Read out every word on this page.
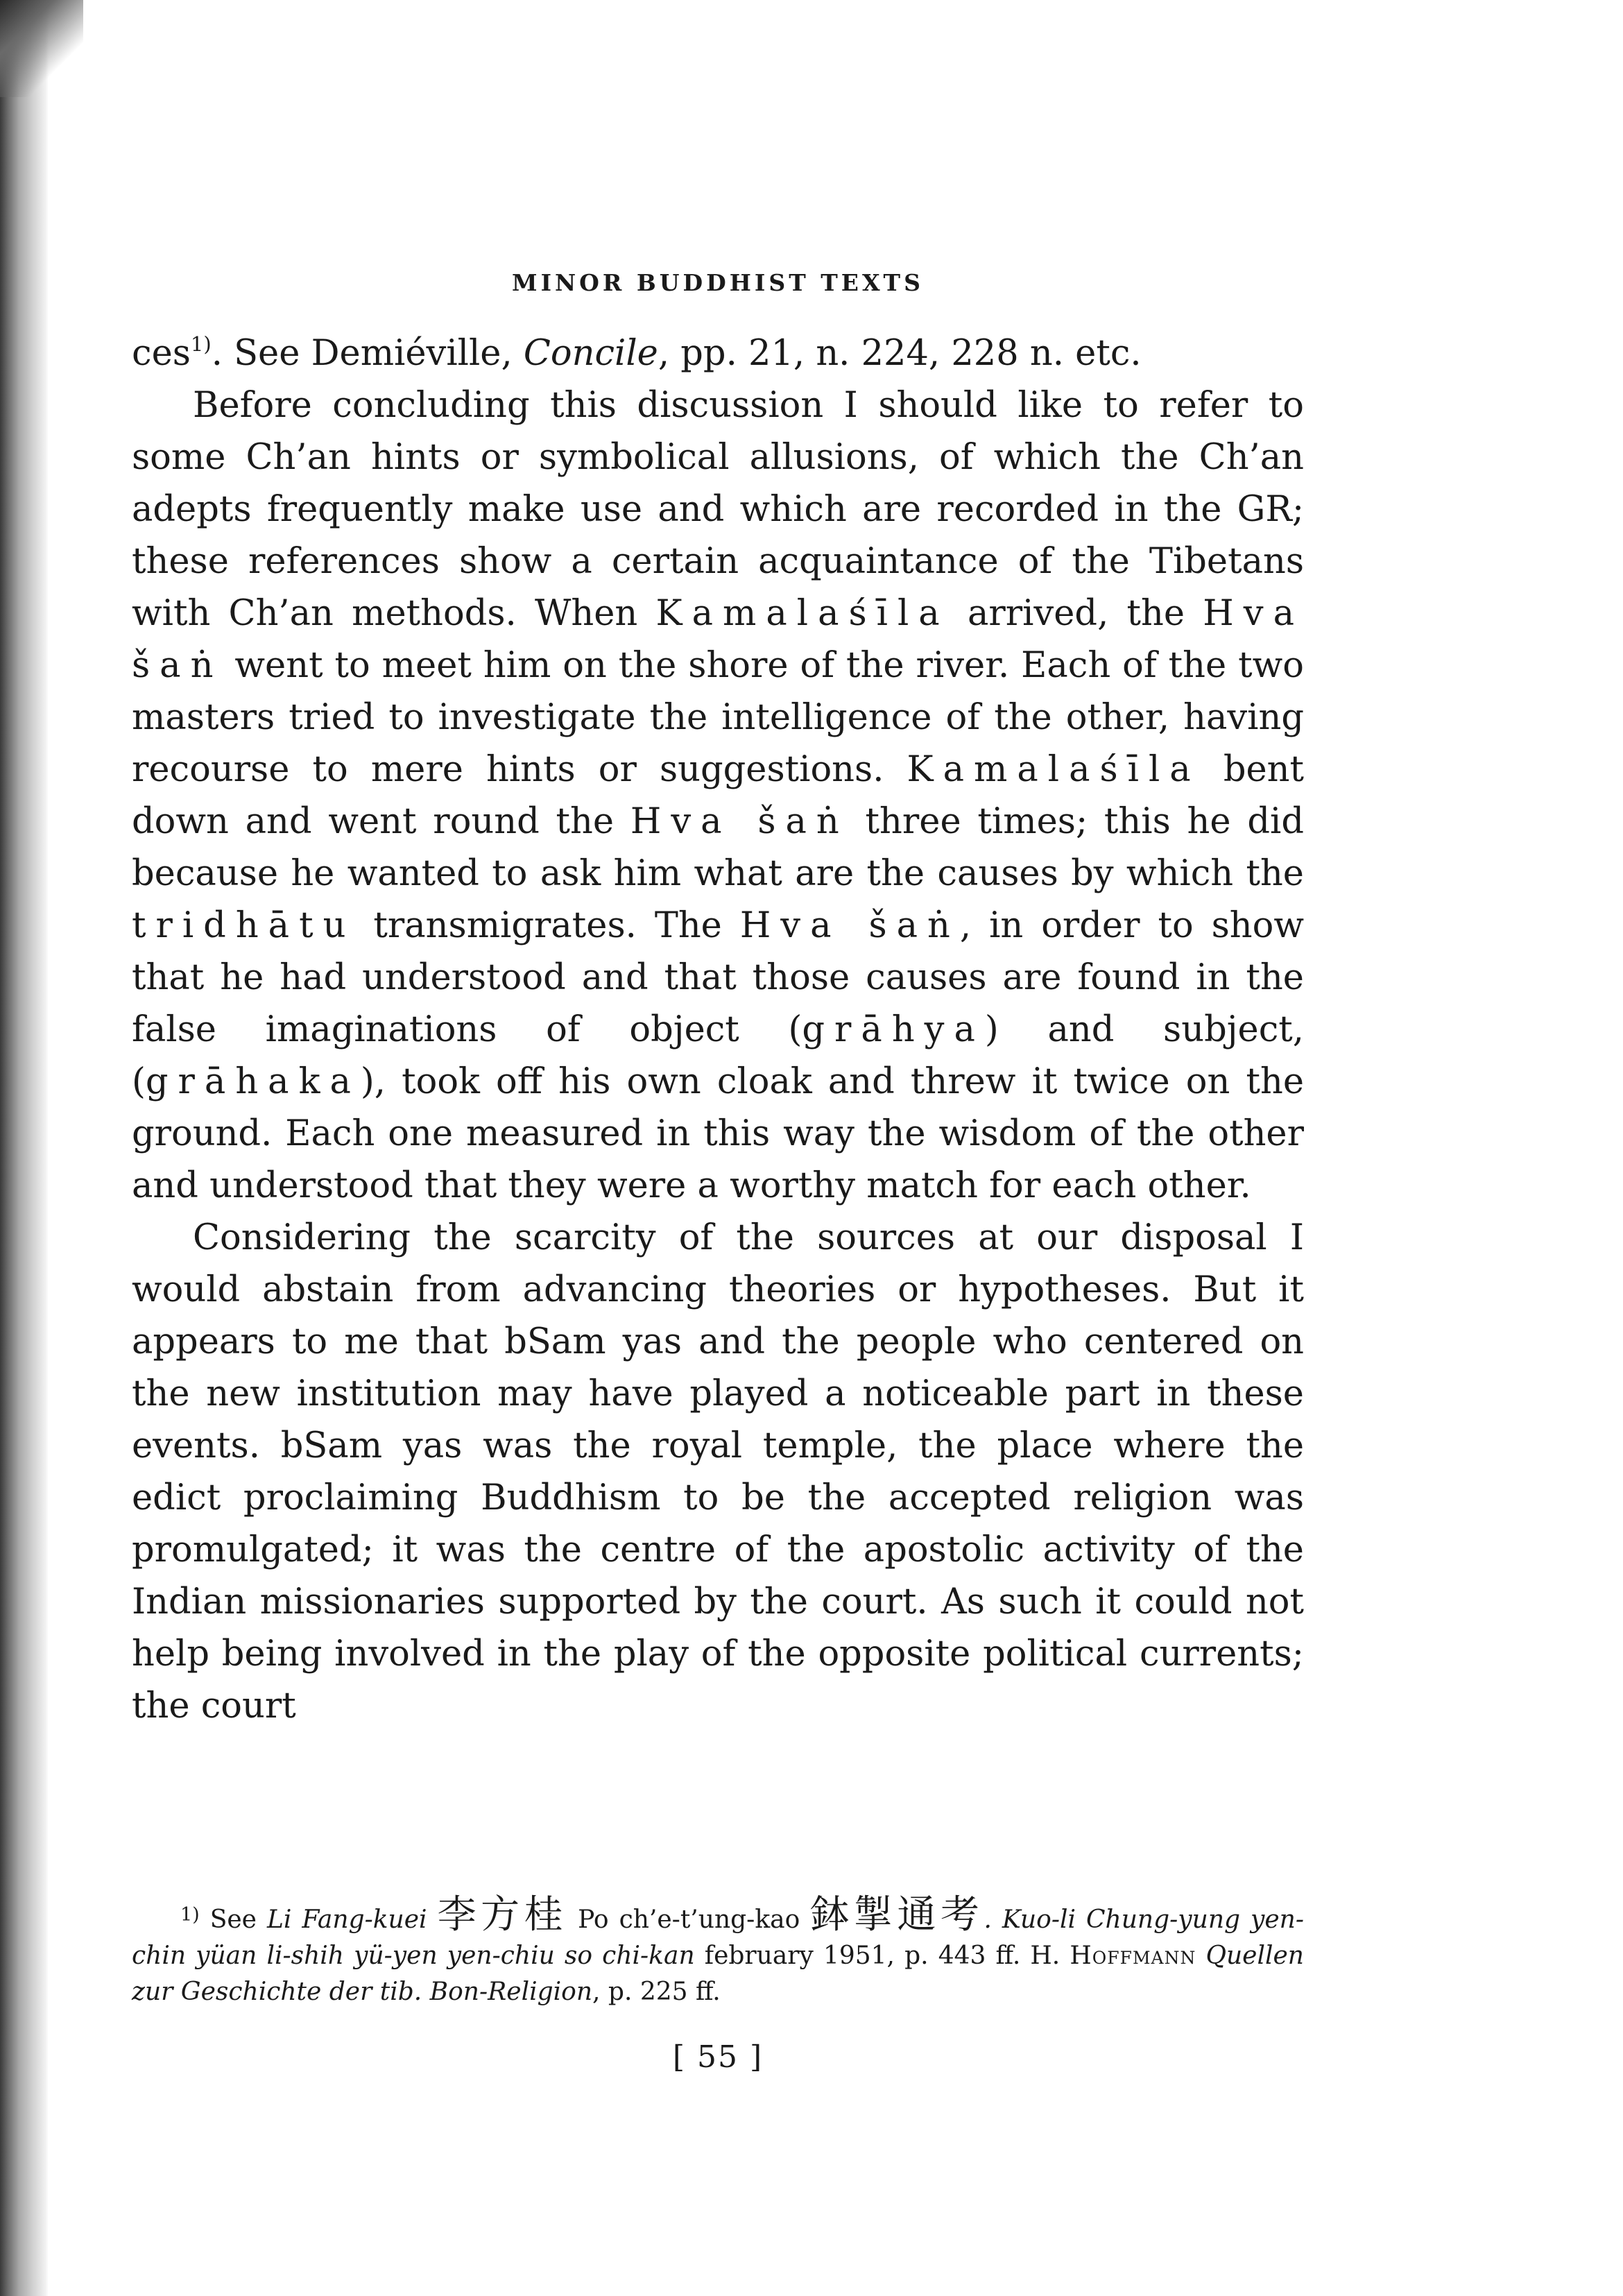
MINOR BUDDHIST TEXTS

ces$^{1)}$. See Demiéville, Concile, pp. 21, n. 224, 228 n. etc.

Before concluding this discussion I should like to refer to some Ch’an hints or symbolical allusions, of which the Ch’an adepts frequently make use and which are recorded in the GR; these references show a certain acquaintance of the Tibetans with Ch’an methods. When Kamalaśīla arrived, the Hva šaṅ went to meet him on the shore of the river. Each of the two masters tried to investigate the intelligence of the other, having recourse to mere hints or suggestions. Kamalaśīla bent down and went round the Hva šaṅ three times; this he did because he wanted to ask him what are the causes by which the tridhātu transmigrates. The Hva šaṅ, in order to show that he had understood and that those causes are found in the false imaginations of object (grāhya) and subject, (grāhaka), took off his own cloak and threw it twice on the ground. Each one measured in this way the wisdom of the other and understood that they were a worthy match for each other.

Considering the scarcity of the sources at our disposal I would abstain from advancing theories or hypotheses. But it appears to me that bSam yas and the people who centered on the new institution may have played a noticeable part in these events. bSam yas was the royal temple, the place where the edict proclaiming Buddhism to be the accepted religion was promulgated; it was the centre of the apostolic activity of the Indian missionaries supported by the court. As such it could not help being involved in the play of the opposite political currents; the court

$^{1)}$ See Li Fang-kuei 李方桂 Po ch’e-t’ung-kao 鉢掣通考. Kuo-li Chung-yung yen-chin yüan li-shih yü-yen yen-chiu so chi-kan february 1951, p. 443 ff. H. Hoffmann Quellen zur Geschichte der tib. Bon-Religion, p. 225 ff.

[ 55 ]
